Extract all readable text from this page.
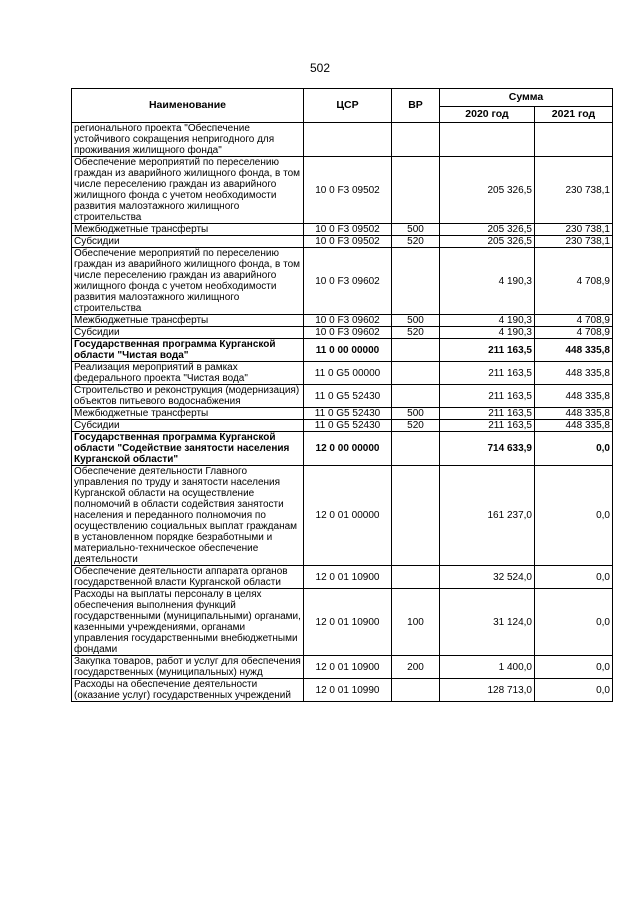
502
Наименование	ЦСР	ВР	Сумма	
			2020 год	2021 год
регионального проекта "Обеспечение устойчивого сокращения непригодного для проживания жилищного фонда"				
Обеспечение мероприятий по переселению граждан из аварийного жилищного фонда, в том числе переселению граждан из аварийного жилищного фонда с учетом необходимости развития малоэтажного жилищного строительства	10 0 F3 09502		205 326,5	230 738,1
Межбюджетные трансферты	10 0 F3 09502	500	205 326,5	230 738,1
Субсидии	10 0 F3 09502	520	205 326,5	230 738,1
Обеспечение мероприятий по переселению граждан из аварийного жилищного фонда, в том числе переселению граждан из аварийного жилищного фонда с учетом необходимости развития малоэтажного жилищного строительства	10 0 F3 09602		4 190,3	4 708,9
Межбюджетные трансферты	10 0 F3 09602	500	4 190,3	4 708,9
Субсидии	10 0 F3 09602	520	4 190,3	4 708,9
Государственная программа Курганской области "Чистая вода"	11 0 00 00000		211 163,5	448 335,8
Реализация мероприятий в рамках федерального проекта "Чистая вода"	11 0 G5 00000		211 163,5	448 335,8
Строительство и реконструкция (модернизация) объектов питьевого водоснабжения	11 0 G5 52430		211 163,5	448 335,8
Межбюджетные трансферты	11 0 G5 52430	500	211 163,5	448 335,8
Субсидии	11 0 G5 52430	520	211 163,5	448 335,8
Государственная программа Курганской области "Содействие занятости населения Курганской области"	12 0 00 00000		714 633,9	0,0
Обеспечение деятельности Главного управления по труду и занятости населения Курганской области на осуществление полномочий в области содействия занятости населения и переданного полномочия по осуществлению социальных выплат гражданам в установленном порядке безработными и материально-техническое обеспечение деятельности	12 0 01 00000		161 237,0	0,0
Обеспечение деятельности аппарата органов государственной власти Курганской области	12 0 01 10900		32 524,0	0,0
Расходы на выплаты персоналу в целях обеспечения выполнения функций государственными (муниципальными) органами, казенными учреждениями, органами управления государственными внебюджетными фондами	12 0 01 10900	100	31 124,0	0,0
Закупка товаров, работ и услуг для обеспечения государственных (муниципальных) нужд	12 0 01 10900	200	1 400,0	0,0
Расходы на обеспечение деятельности (оказание услуг) государственных учреждений	12 0 01 10990		128 713,0	0,0
